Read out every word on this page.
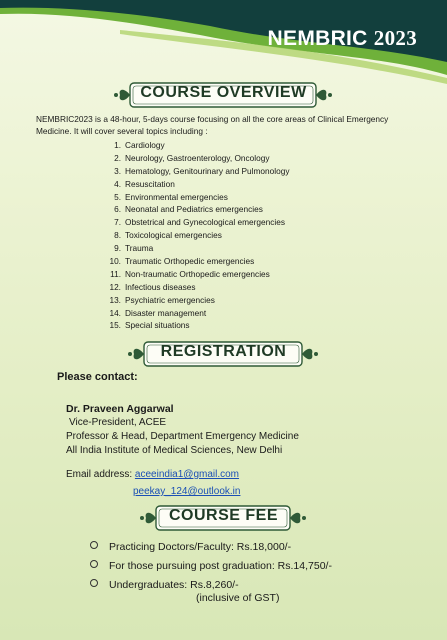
NEMBRIC 2023
COURSE OVERVIEW
NEMBRIC2023 is a 48-hour, 5-days course focusing on all the core areas of Clinical Emergency Medicine. It will cover several topics including :
1. Cardiology
2. Neurology, Gastroenterology, Oncology
3. Hematology, Genitourinary and Pulmonology
4. Resuscitation
5. Environmental emergencies
6. Neonatal and Pediatrics emergencies
7. Obstetrical and Gynecological emergencies
8. Toxicological emergencies
9. Trauma
10. Traumatic Orthopedic emergencies
11. Non-traumatic Orthopedic emergencies
12. Infectious diseases
13. Psychiatric emergencies
14. Disaster management
15. Special situations
REGISTRATION
Please contact:
Dr. Praveen Aggarwal
Vice-President, ACEE
Professor & Head, Department Emergency Medicine
All India Institute of Medical Sciences, New Delhi
Email address: aceeindia1@gmail.com
peekay_124@outlook.in
COURSE FEE
Practicing Doctors/Faculty: Rs.18,000/-
For those pursuing post graduation: Rs.14,750/-
Undergraduates: Rs.8,260/-
(inclusive of GST)
